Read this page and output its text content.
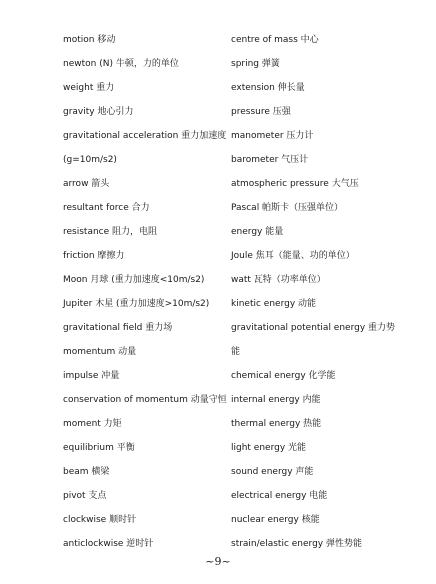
motion 移动
newton (N) 牛顿，力的单位
weight 重力
gravity 地心引力
gravitational acceleration 重力加速度
(g=10m/s2)
arrow 箭头
resultant force 合力
resistance 阻力，电阻
friction 摩擦力
Moon 月球 (重力加速度<10m/s2)
Jupiter 木星 (重力加速度>10m/s2)
gravitational field 重力场
momentum 动量
impulse 冲量
conservation of momentum 动量守恒
moment 力矩
equilibrium 平衡
beam 横梁
pivot 支点
clockwise 顺时针
anticlockwise 逆时针
centre of mass 中心
spring 弹簧
extension 伸长量
pressure 压强
manometer 压力计
barometer 气压计
atmospheric pressure 大气压
Pascal 帕斯卡（压强单位）
energy 能量
Joule 焦耳（能量、功的单位）
watt 瓦特（功率单位）
kinetic energy 动能
gravitational potential energy 重力势
能
chemical energy 化学能
internal energy 内能
thermal energy 热能
light energy 光能
sound energy 声能
electrical energy 电能
nuclear energy 核能
strain/elastic energy 弹性势能
~9~
